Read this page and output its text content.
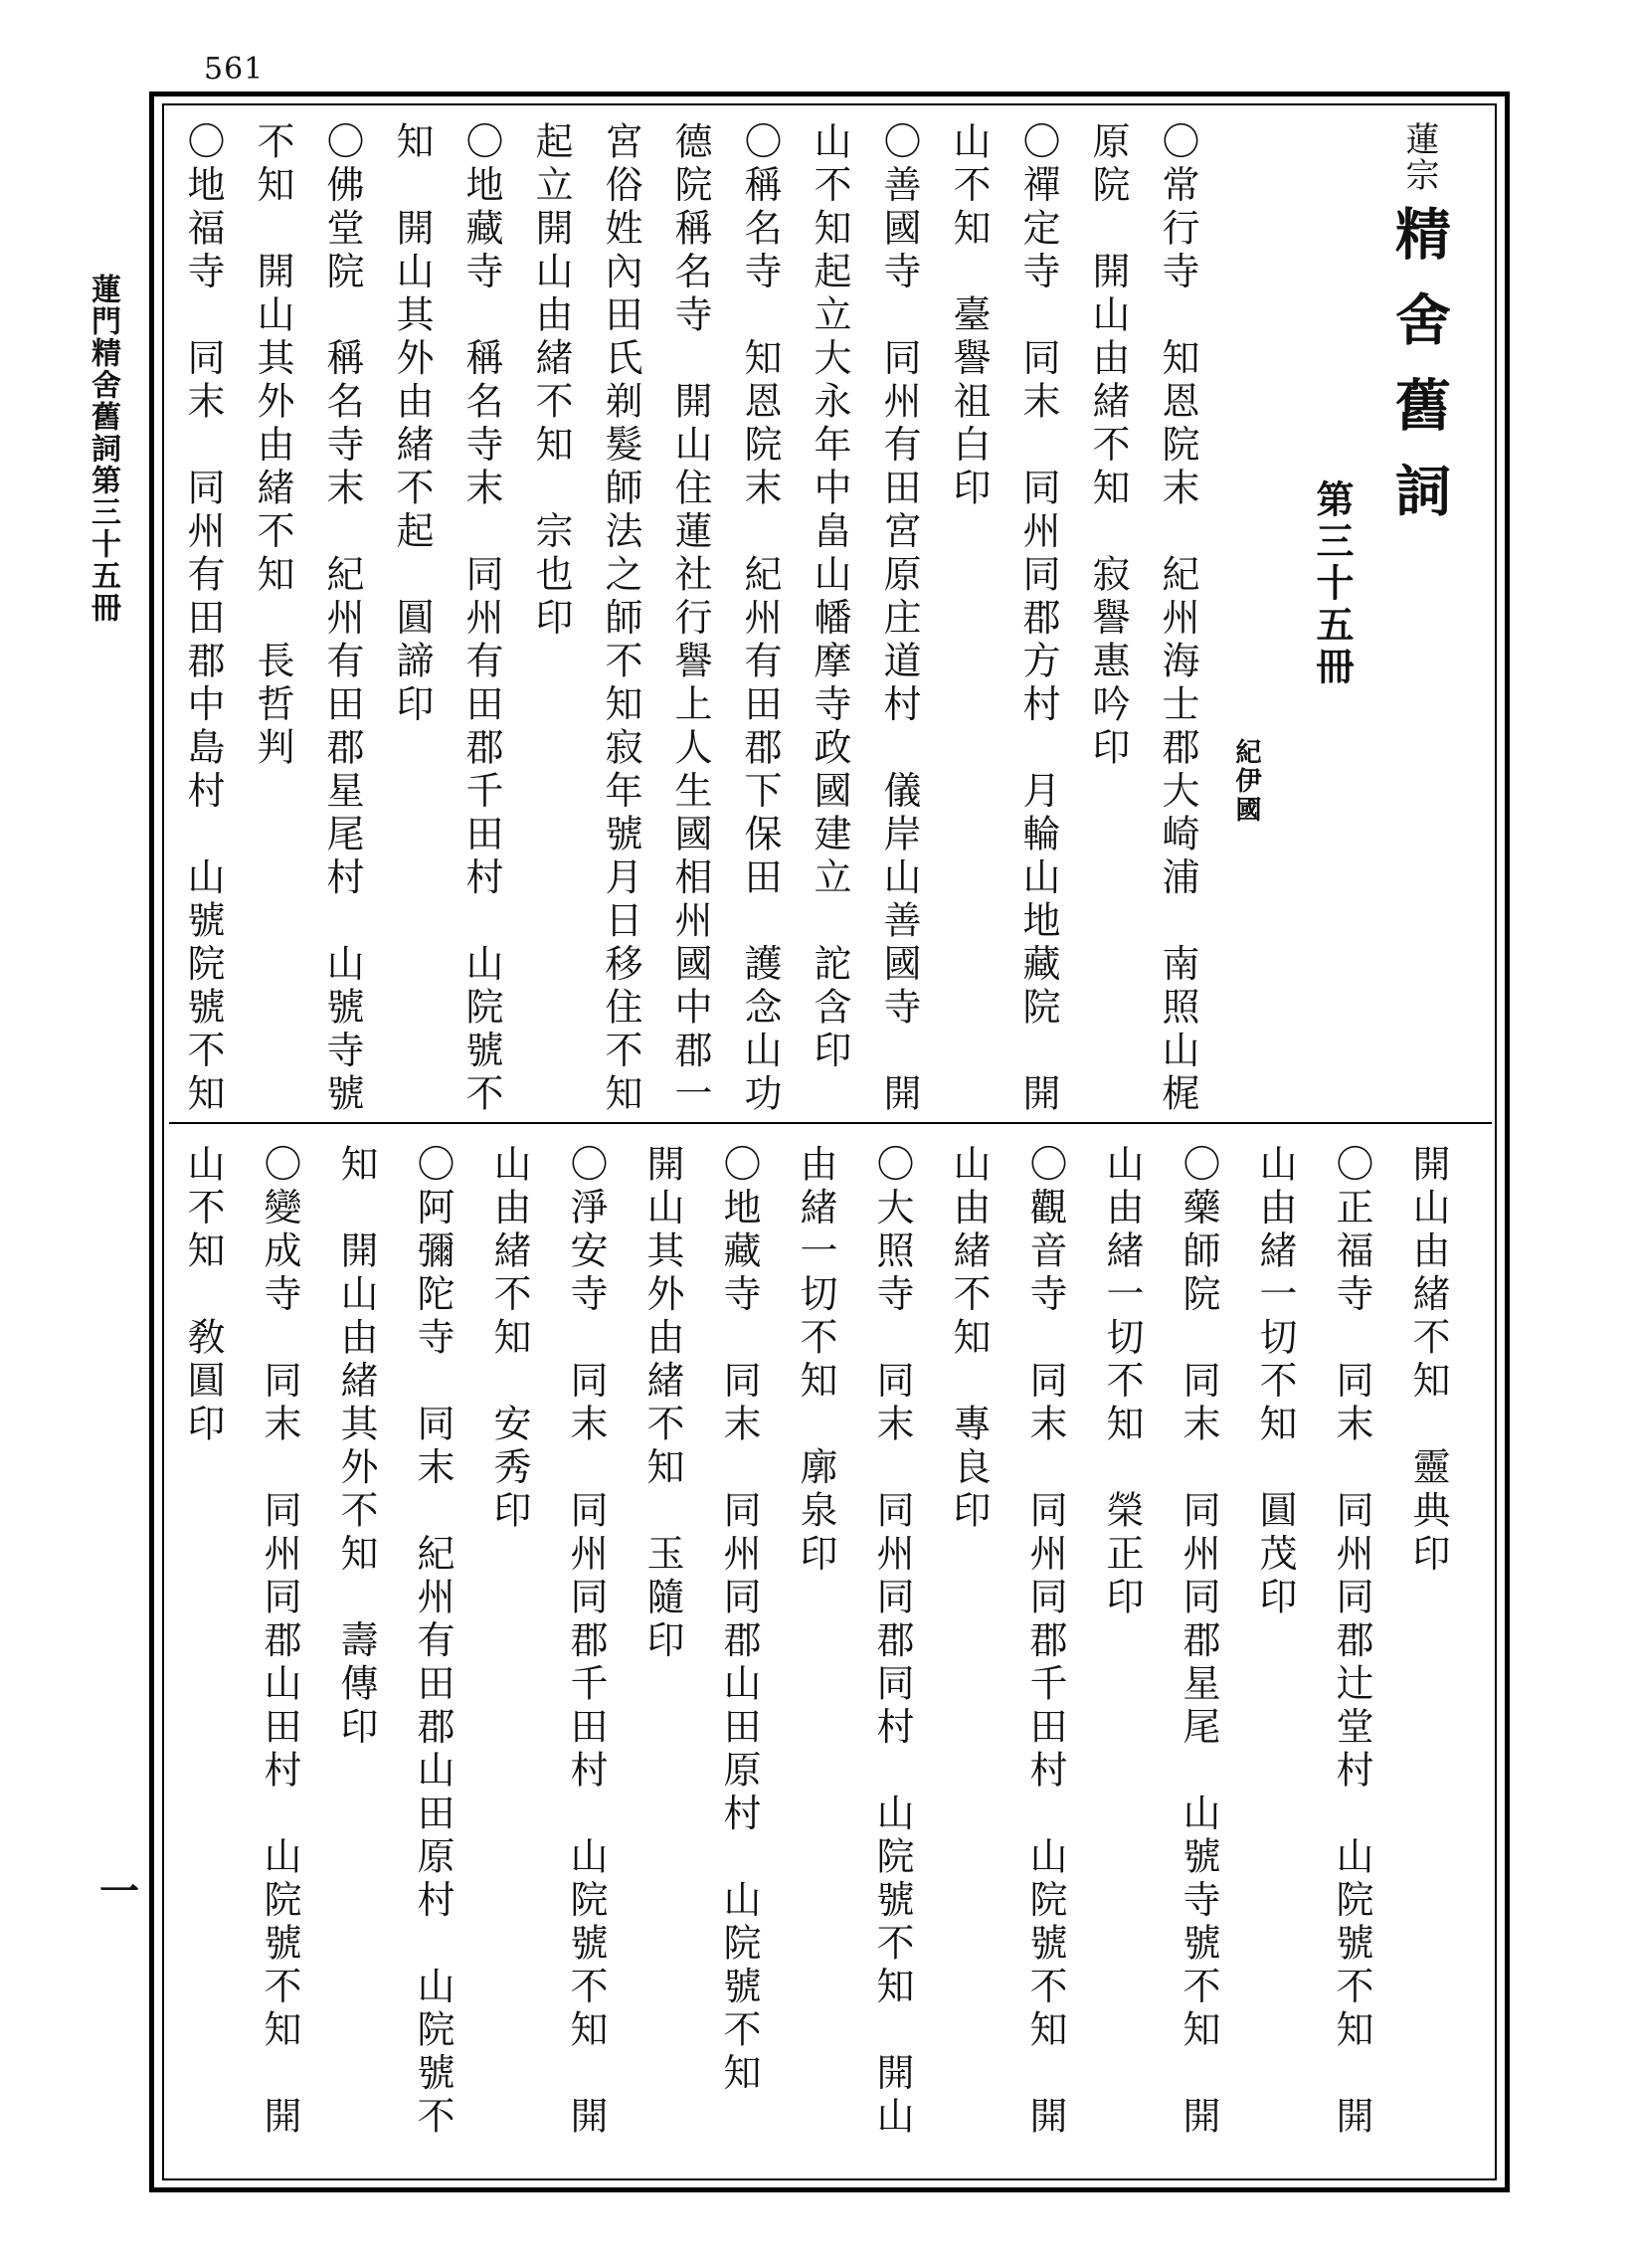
561
蓮門精舍舊詞第三十五冊
一
蓮宗精舍舊詞
第三十五冊
紀伊國
〇常行寺　知恩院末　紀州海士郡大崎浦　南照山梶
原院　開山由緒不知　寂譽惠吟印
〇禪定寺　同末　同州同郡方村　月輪山地藏院　開
山不知　臺譽祖白印
〇善國寺　同州有田宮原庄道村　儀岸山善國寺　開
山不知起立大永年中畠山幡摩寺政國建立　詑含印
〇稱名寺　知恩院末　紀州有田郡下保田　護念山功
德院稱名寺　開山住蓮社行譽上人生國相州國中郡一
宮俗姓內田氏剃髮師法之師不知寂年號月日移住不知
起立開山由緒不知　宗也印
〇地藏寺　稱名寺末　同州有田郡千田村　山院號不
知　開山其外由緒不起　圓諦印
〇佛堂院　稱名寺末　紀州有田郡星尾村　山號寺號
不知　開山其外由緒不知　長哲判
〇地福寺　同末　同州有田郡中島村　山號院號不知
開山由緒不知　靈典印
〇正福寺　同末　同州同郡辻堂村　山院號不知　開
山由緒一切不知　圓茂印
〇藥師院　同末　同州同郡星尾　山號寺號不知　開
山由緒一切不知　榮正印
〇觀音寺　同末　同州同郡千田村　山院號不知　開
山由緒不知　專良印
〇大照寺　同末　同州同郡同村　山院號不知　開山
由緒一切不知　廓泉印
〇地藏寺　同末　同州同郡山田原村　山院號不知
開山其外由緒不知　玉隨印
〇淨安寺　同末　同州同郡千田村　山院號不知　開
山由緒不知　安秀印
〇阿彌陀寺　同末　紀州有田郡山田原村　山院號不
知　開山由緒其外不知　壽傳印
〇變成寺　同末　同州同郡山田村　山院號不知　開
山不知　敎圓印
